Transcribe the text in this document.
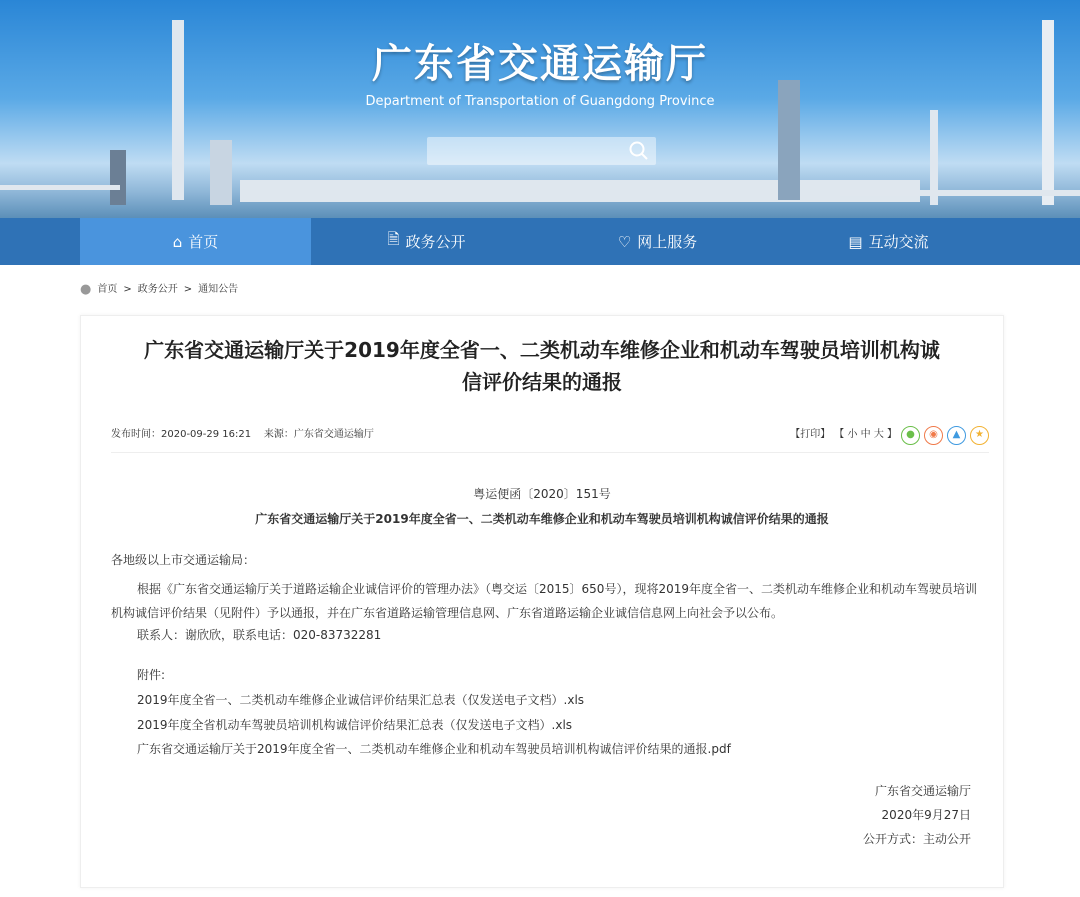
广东省交通运输厅
Department of Transportation of Guangdong Province
⌂ 首页	🗎 政务公开	♡ 网上服务	▤ 互动交流
● 首页 > 政务公开 > 通知公告
广东省交通运输厅关于2019年度全省一、二类机动车维修企业和机动车驾驶员培训机构诚
信评价结果的通报
发布时间：2020-09-29 16:21 来源：广东省交通运输厅	【打印】 【 小 中 大 】 ●	◉	▲	★
粤运便函〔2020〕151号
广东省交通运输厅关于2019年度全省一、二类机动车维修企业和机动车驾驶员培训机构诚信评价结果的通报
各地级以上市交通运输局：
根据《广东省交通运输厅关于道路运输企业诚信评价的管理办法》（粤交运〔2015〕650号），现将2019年度全省一、二类机动车维修企业和机动车驾驶员培训机构诚信评价结果（见附件）予以通报，并在广东省道路运输管理信息网、广东省道路运输企业诚信信息网上向社会予以公布。
联系人：谢欣欣，联系电话：020-83732281
附件:
2019年度全省一、二类机动车维修企业诚信评价结果汇总表（仅发送电子文档）.xls
2019年度全省机动车驾驶员培训机构诚信评价结果汇总表（仅发送电子文档）.xls
广东省交通运输厅关于2019年度全省一、二类机动车维修企业和机动车驾驶员培训机构诚信评价结果的通报.pdf
广东省交通运输厅
2020年9月27日
公开方式：主动公开
